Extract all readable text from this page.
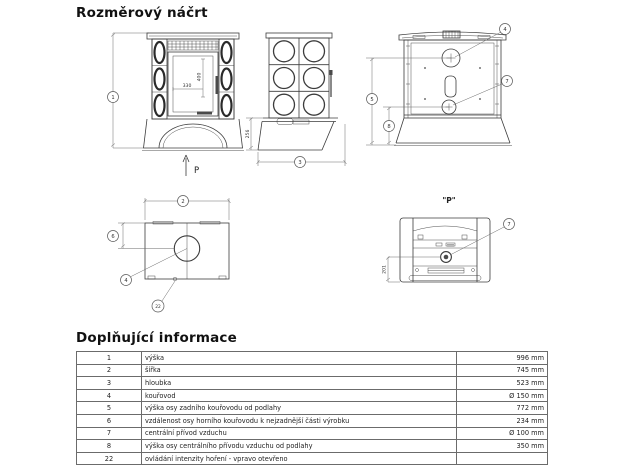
Rozměrový náčrt
1
400
330
P
256
3
4
7
5
8
2
6
4
22
"P"
201
7
Doplňující informace
1	výška	996 mm
2	šířka	745 mm
3	hloubka	523 mm
4	kouřovod	Ø 150 mm
5	výška osy zadního kouřovodu od podlahy	772 mm
6	vzdálenost osy horního kouřovodu k nejzadnější části výrobku	234 mm
7	centrální přívod vzduchu	Ø 100 mm
8	výška osy centrálního přívodu vzduchu od podlahy	350 mm
22	ovládání intenzity hoření - vpravo otevřeno	
